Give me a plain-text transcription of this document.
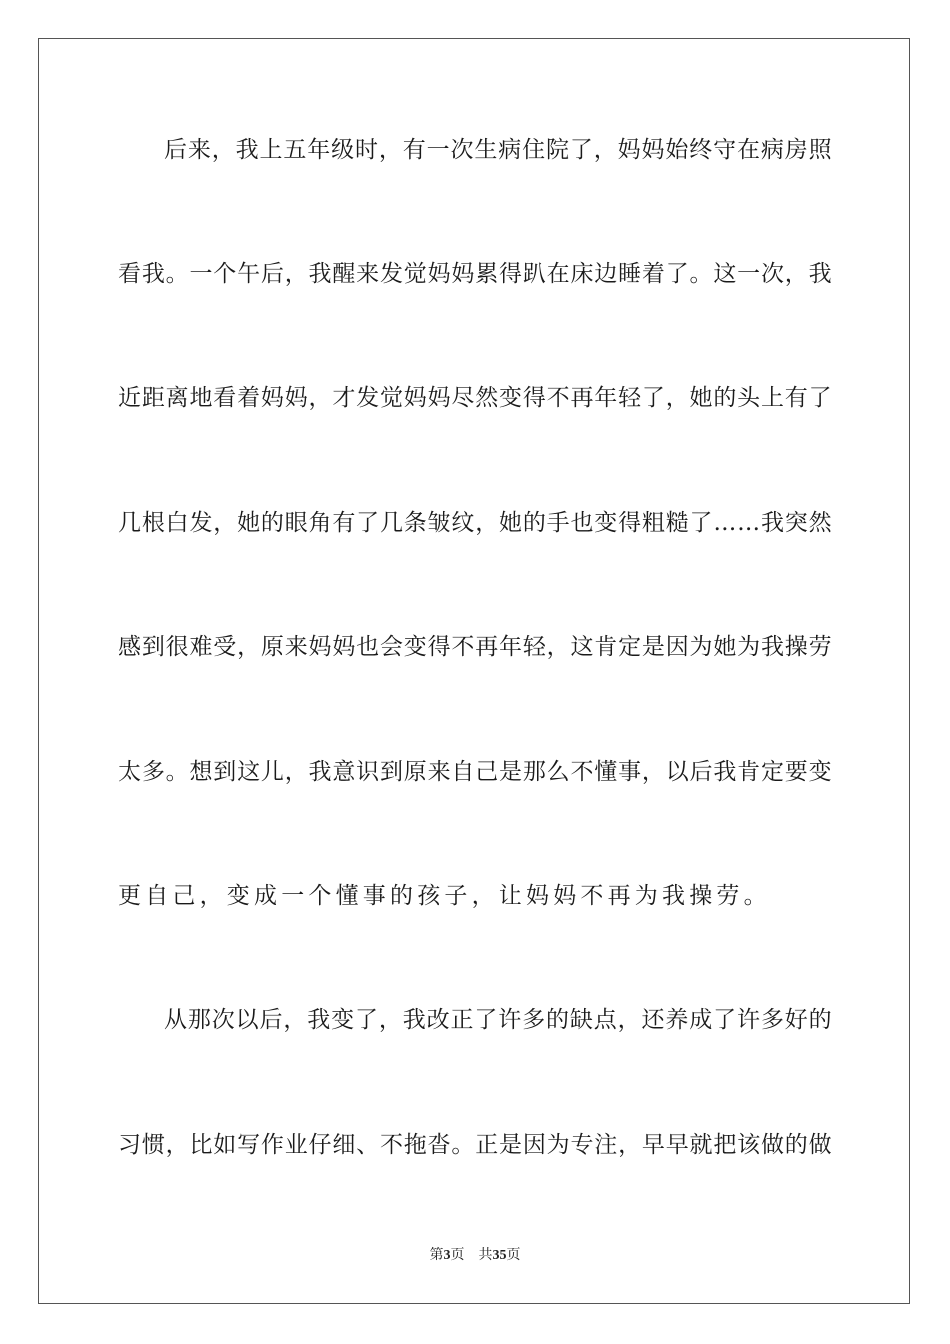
后 来 ， 我 上 五 年 级 时 ， 有 一 次 生 病 住 院 了 ， 妈 妈 始 终 守 在 病 房 照
看 我 。 一 个 午 后 ， 我 醒 来 发 觉 妈 妈 累 得 趴 在 床 边 睡 着 了 。 这 一 次 ， 我
近 距 离 地 看 着 妈 妈 ， 才 发 觉 妈 妈 尽 然 变 得 不 再 年 轻 了 ， 她 的 头 上 有 了
几 根 白 发 ， 她 的 眼 角 有 了 几 条 皱 纹 ， 她 的 手 也 变 得 粗 糙 了 … … 我 突 然
感 到 很 难 受 ， 原 来 妈 妈 也 会 变 得 不 再 年 轻 ， 这 肯 定 是 因 为 她 为 我 操 劳
太 多 。 想 到 这 儿 ， 我 意 识 到 原 来 自 己 是 那 么 不 懂 事 ， 以 后 我 肯 定 要 变
更自己，变成一个懂事的孩子，让妈妈不再为我操劳。
从 那 次 以 后 ， 我 变 了 ， 我 改 正 了 许 多 的 缺 点 ， 还 养 成 了 许 多 好 的
习 惯 ， 比 如 写 作 业 仔 细 、 不 拖 沓 。 正 是 因 为 专 注 ， 早 早 就 把 该 做 的 做
第3页 共35页
